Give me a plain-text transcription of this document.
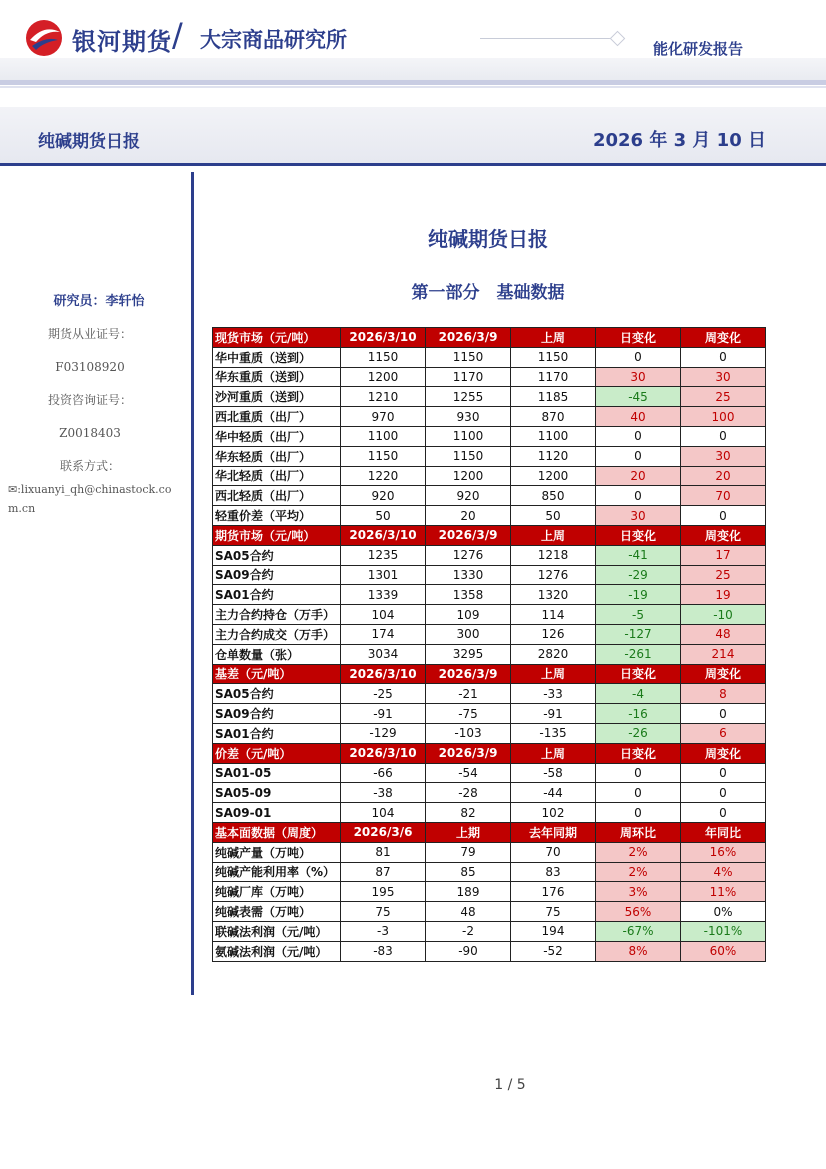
银河期货 / 大宗商品研究所	能化研发报告
纯碱期货日报	2026 年 3 月 10 日
研究员：李轩怡
期货从业证号：
F03108920
投资咨询证号：
Z0018403
联系方式：
✉:lixuanyi_qh@chinastock.com.cn
纯碱期货日报
第一部分　基础数据
现货市场（元/吨）	2026/3/10	2026/3/9	上周	日变化	周变化
华中重质（送到）	1150	1150	1150	0	0
华东重质（送到）	1200	1170	1170	30	30
沙河重质（送到）	1210	1255	1185	-45	25
西北重质（出厂）	970	930	870	40	100
华中轻质（出厂）	1100	1100	1100	0	0
华东轻质（出厂）	1150	1150	1120	0	30
华北轻质（出厂）	1220	1200	1200	20	20
西北轻质（出厂）	920	920	850	0	70
轻重价差（平均）	50	20	50	30	0
期货市场（元/吨）	2026/3/10	2026/3/9	上周	日变化	周变化
SA05合约	1235	1276	1218	-41	17
SA09合约	1301	1330	1276	-29	25
SA01合约	1339	1358	1320	-19	19
主力合约持仓（万手）	104	109	114	-5	-10
主力合约成交（万手）	174	300	126	-127	48
仓单数量（张）	3034	3295	2820	-261	214
基差（元/吨）	2026/3/10	2026/3/9	上周	日变化	周变化
SA05合约	-25	-21	-33	-4	8
SA09合约	-91	-75	-91	-16	0
SA01合约	-129	-103	-135	-26	6
价差（元/吨）	2026/3/10	2026/3/9	上周	日变化	周变化
SA01-05	-66	-54	-58	0	0
SA05-09	-38	-28	-44	0	0
SA09-01	104	82	102	0	0
基本面数据（周度）	2026/3/6	上期	去年同期	周环比	年同比
纯碱产量（万吨）	81	79	70	2%	16%
纯碱产能利用率（%）	87	85	83	2%	4%
纯碱厂库（万吨）	195	189	176	3%	11%
纯碱表需（万吨）	75	48	75	56%	0%
联碱法利润（元/吨）	-3	-2	194	-67%	-101%
氨碱法利润（元/吨）	-83	-90	-52	8%	60%
1 / 5
